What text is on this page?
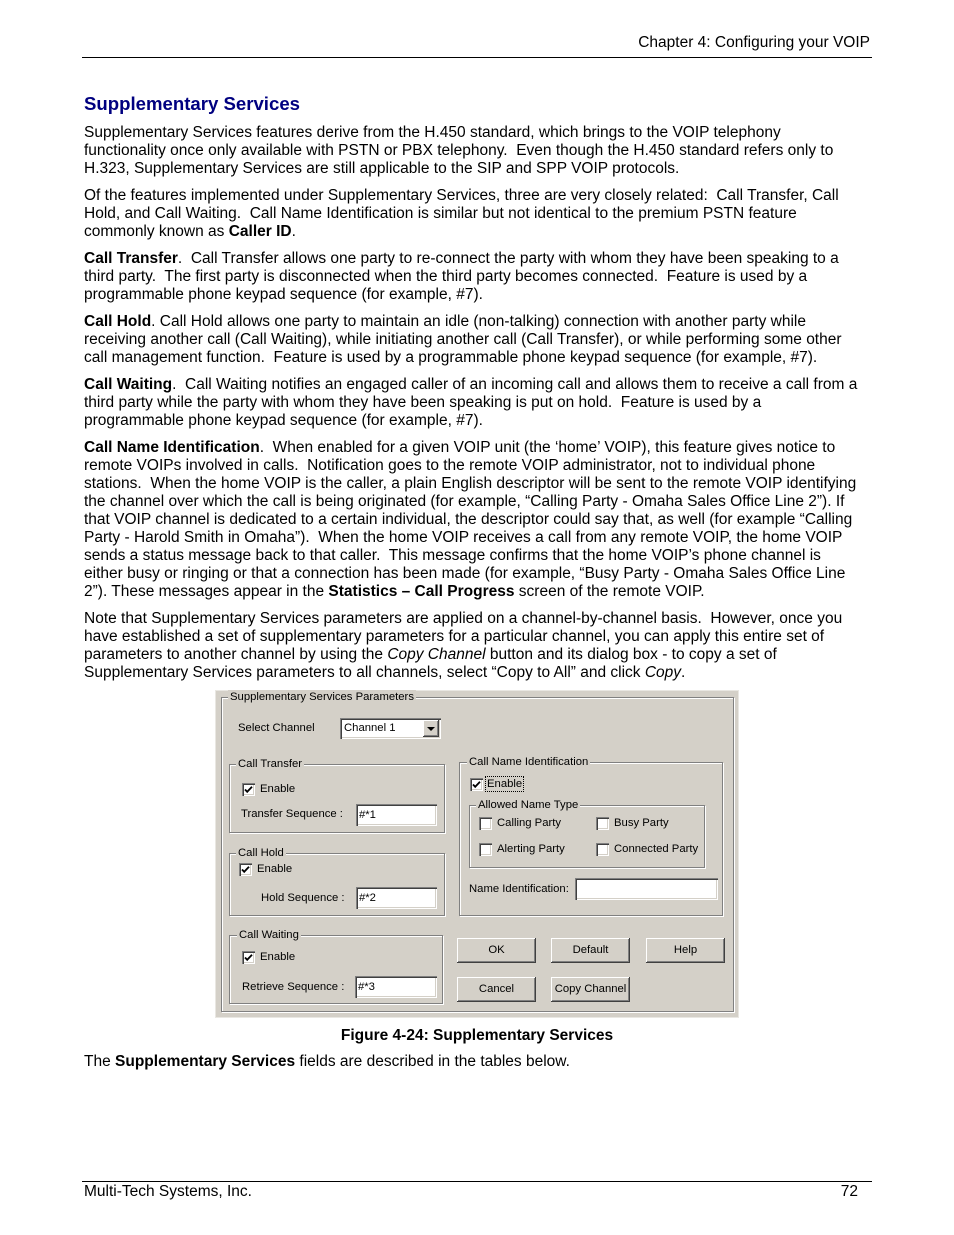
Chapter 4: Configuring your VOIP
Supplementary Services
Supplementary Services features derive from the H.450 standard, which brings to the VOIP telephony
functionality once only available with PSTN or PBX telephony.  Even though the H.450 standard refers only to
H.323, Supplementary Services are still applicable to the SIP and SPP VOIP protocols.
Of the features implemented under Supplementary Services, three are very closely related:  Call Transfer, Call
Hold, and Call Waiting.  Call Name Identification is similar but not identical to the premium PSTN feature
commonly known as Caller ID.
Call Transfer.  Call Transfer allows one party to re-connect the party with whom they have been speaking to a
third party.  The first party is disconnected when the third party becomes connected.  Feature is used by a
programmable phone keypad sequence (for example, #7).
Call Hold. Call Hold allows one party to maintain an idle (non-talking) connection with another party while
receiving another call (Call Waiting), while initiating another call (Call Transfer), or while performing some other
call management function.  Feature is used by a programmable phone keypad sequence (for example, #7).
Call Waiting.  Call Waiting notifies an engaged caller of an incoming call and allows them to receive a call from a
third party while the party with whom they have been speaking is put on hold.  Feature is used by a
programmable phone keypad sequence (for example, #7).
Call Name Identification.  When enabled for a given VOIP unit (the ‘home’ VOIP), this feature gives notice to
remote VOIPs involved in calls.  Notification goes to the remote VOIP administrator, not to individual phone
stations.  When the home VOIP is the caller, a plain English descriptor will be sent to the remote VOIP identifying
the channel over which the call is being originated (for example, “Calling Party - Omaha Sales Office Line 2”). If
that VOIP channel is dedicated to a certain individual, the descriptor could say that, as well (for example “Calling
Party - Harold Smith in Omaha”).  When the home VOIP receives a call from any remote VOIP, the home VOIP
sends a status message back to that caller.  This message confirms that the home VOIP’s phone channel is
either busy or ringing or that a connection has been made (for example, “Busy Party - Omaha Sales Office Line
2”). These messages appear in the Statistics – Call Progress screen of the remote VOIP.
Note that Supplementary Services parameters are applied on a channel-by-channel basis.  However, once you
have established a set of supplementary parameters for a particular channel, you can apply this entire set of
parameters to another channel by using the Copy Channel button and its dialog box - to copy a set of
Supplementary Services parameters to all channels, select “Copy to All” and click Copy.
Supplementary Services Parameters
Select Channel	Channel 1
Call Transfer
Enable
Transfer Sequence :
#*1
Call Hold
Enable
Hold Sequence :
#*2
Call Waiting
Enable
Retrieve Sequence :
#*3
Call Name Identification
Enable
Allowed Name Type
Calling Party	Busy Party
Alerting Party	Connected Party
Name Identification:
OK	Default	Help
Cancel	Copy Channel
Figure 4-24: Supplementary Services
The Supplementary Services fields are described in the tables below.
Multi-Tech Systems, Inc.	72
